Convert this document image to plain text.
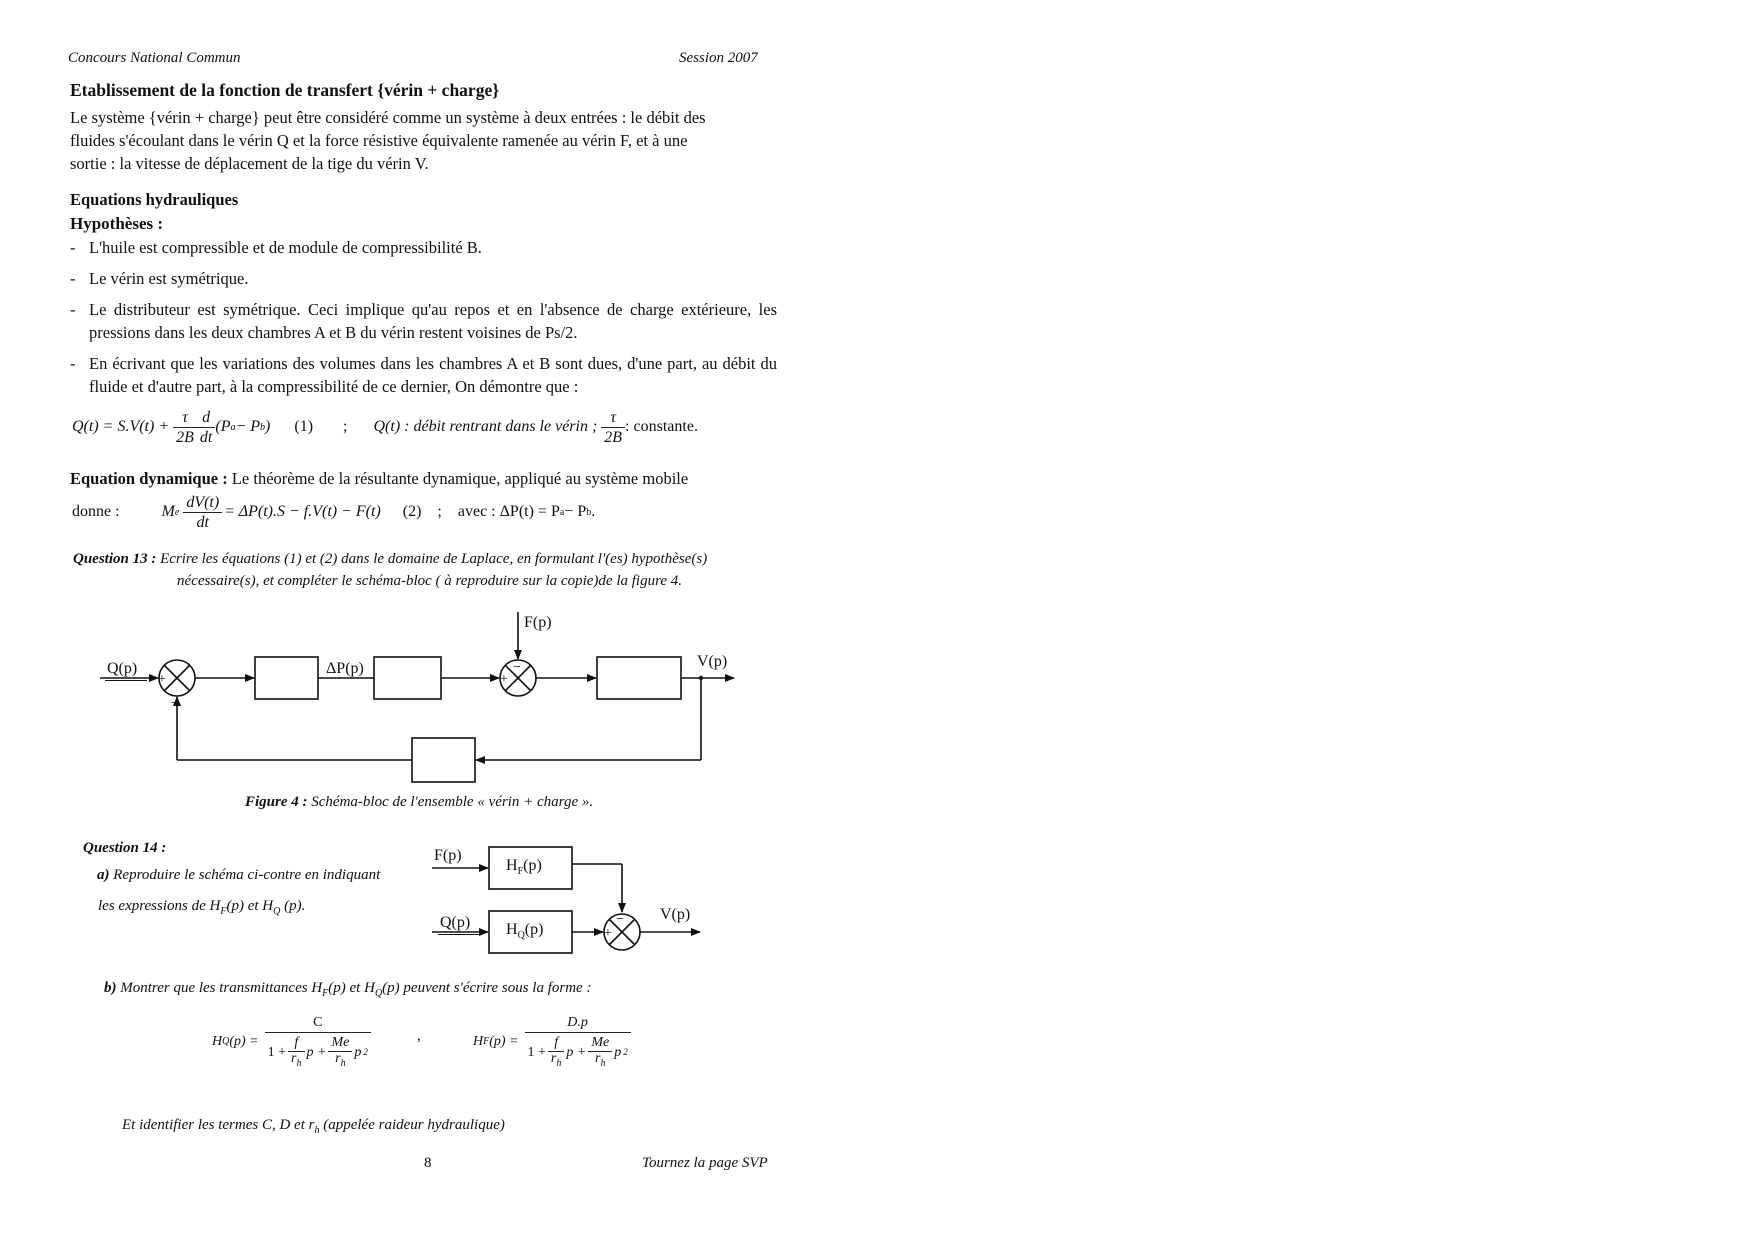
Concours National Commun	Session 2007
Etablissement de la fonction de transfert {vérin + charge}
Le système {vérin + charge} peut être considéré comme un système à deux entrées : le débit des
fluides s'écoulant dans le vérin Q et la force résistive équivalente ramenée au vérin F, et à une
sortie : la vitesse de déplacement de la tige du vérin V.
Equations hydrauliques
Hypothèses :
- L'huile est compressible et de module de compressibilité B.
- Le vérin est symétrique.
- Le distributeur est symétrique. Ceci implique qu'au repos et en l'absence de charge extérieure, les pressions dans les deux chambres A et B du vérin restent voisines de Ps/2.
- En écrivant que les variations des volumes dans les chambres A et B sont dues, d'une part, au débit du fluide et d'autre part, à la compressibilité de ce dernier, On démontre que :
$Q(t) = S.V(t) + \frac{\tau}{2B} \frac{d}{dt} (P$ a − P b ) (1) ; Q(t) : débit rentrant dans le vérin ; $\frac{\tau}{2B}$ : constante.
Equation dynamique : Le théorème de la résultante dynamique, appliqué au système mobile
donne :	M e $\frac{dV(t)}{dt} = \Delta P(t).S - f.V(t) - F(t)$ (2) ; avec : ΔP(t) = P a − P b .
Question 13 : Ecrire les équations (1) et (2) dans le domaine de Laplace, en formulant l'(es) hypothèse(s)
nécessaire(s), et compléter le schéma-bloc ( à reproduire sur la copie)de la figure 4.
Q(p)
+
−
ΔP(p)
F(p)
+
−	V(p)
Figure 4 : Schéma-bloc de l'ensemble « vérin + charge ».
Question 14 :
a) Reproduire le schéma ci-contre en indiquant
les expressions de $H_F(p)$ et $H_Q$ (p).
F(p)
$H_F(p)$
Q(p) $H_Q(p)$	+
− V(p)
b) Montrer que les transmittances $H_F(p)$ et $H_Q(p)$ peuvent s'écrire sous la forme :
H Q $(p) = \frac{C}{1 + \frac{f}{r_h} p + \frac{Me}{r_h} p 2}$	,	H F $(p) = \frac{D.p}{1 + \frac{f}{r_h} p + \frac{Me}{r_h} p 2}$
Et identifier les termes C, D et $r_h$ (appelée raideur hydraulique)
8	Tournez la page SVP
